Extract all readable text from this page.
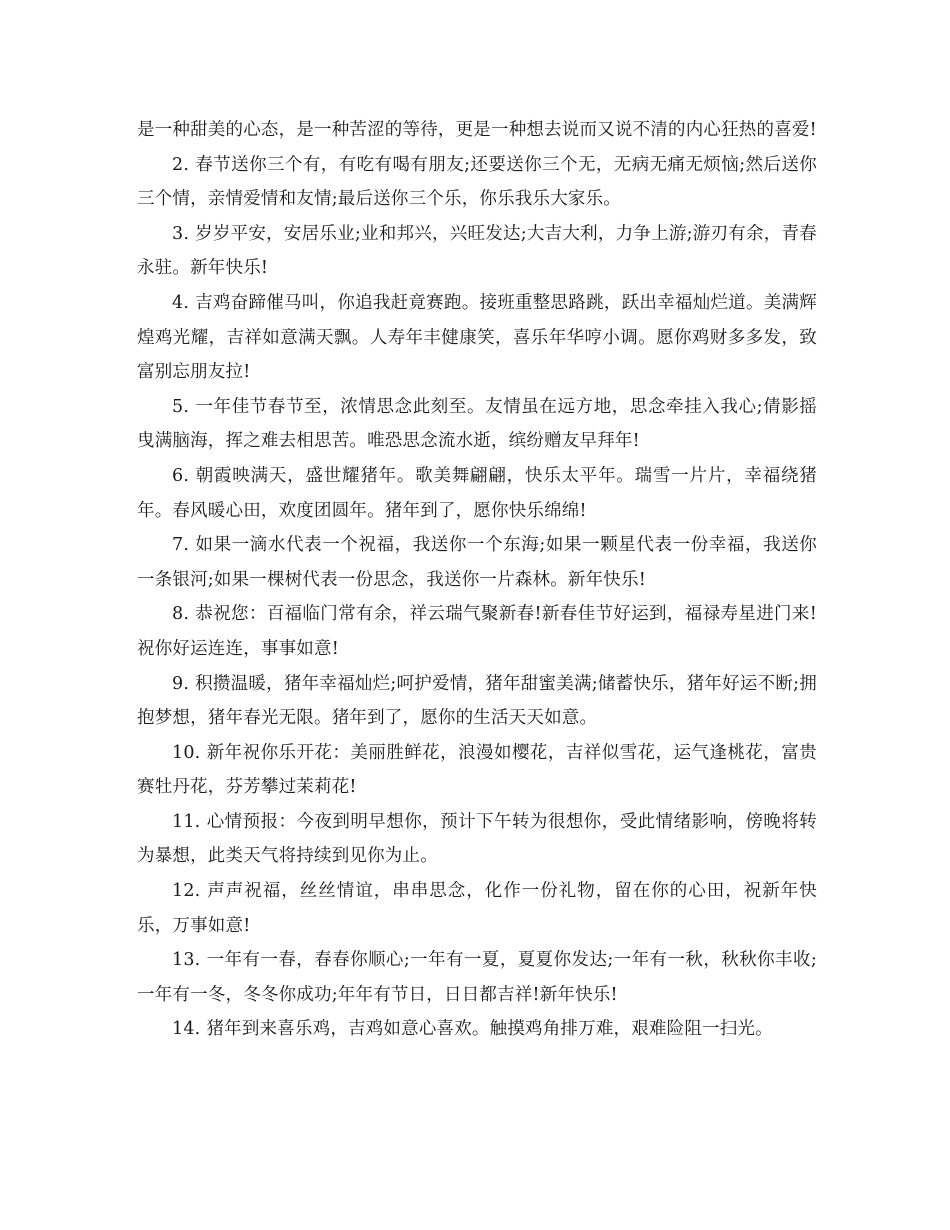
是一种甜美的心态，是一种苦涩的等待，更是一种想去说而又说不清的内心狂热的喜爱!

2. 春节送你三个有，有吃有喝有朋友;还要送你三个无，无病无痛无烦恼;然后送你三个情，亲情爱情和友情;最后送你三个乐，你乐我乐大家乐。

3. 岁岁平安，安居乐业;业和邦兴，兴旺发达;大吉大利，力争上游;游刃有余，青春永驻。新年快乐!

4. 吉鸡奋蹄催马叫，你追我赶竟赛跑。接班重整思路跳，跃出幸福灿烂道。美满辉煌鸡光耀，吉祥如意满天飘。人寿年丰健康笑，喜乐年华哼小调。愿你鸡财多多发，致富别忘朋友拉!

5. 一年佳节春节至，浓情思念此刻至。友情虽在远方地，思念牵挂入我心;倩影摇曳满脑海，挥之难去相思苦。唯恐思念流水逝，缤纷赠友早拜年!

6. 朝霞映满天，盛世耀猪年。歌美舞翩翩，快乐太平年。瑞雪一片片，幸福绕猪年。春风暖心田，欢度团圆年。猪年到了，愿你快乐绵绵!

7. 如果一滴水代表一个祝福，我送你一个东海;如果一颗星代表一份幸福，我送你一条银河;如果一棵树代表一份思念，我送你一片森林。新年快乐!

8. 恭祝您：百福临门常有余，祥云瑞气聚新春!新春佳节好运到，福禄寿星进门来!祝你好运连连，事事如意!

9. 积攒温暖，猪年幸福灿烂;呵护爱情，猪年甜蜜美满;储蓄快乐，猪年好运不断;拥抱梦想，猪年春光无限。猪年到了，愿你的生活天天如意。

10. 新年祝你乐开花：美丽胜鲜花，浪漫如樱花，吉祥似雪花，运气逢桃花，富贵赛牡丹花，芬芳攀过茉莉花!

11. 心情预报：今夜到明早想你，预计下午转为很想你，受此情绪影响，傍晚将转为暴想，此类天气将持续到见你为止。

12. 声声祝福，丝丝情谊，串串思念，化作一份礼物，留在你的心田，祝新年快乐，万事如意!

13. 一年有一春，春春你顺心;一年有一夏，夏夏你发达;一年有一秋，秋秋你丰收;一年有一冬，冬冬你成功;年年有节日，日日都吉祥!新年快乐!

14. 猪年到来喜乐鸡，吉鸡如意心喜欢。触摸鸡角排万难，艰难险阻一扫光。
